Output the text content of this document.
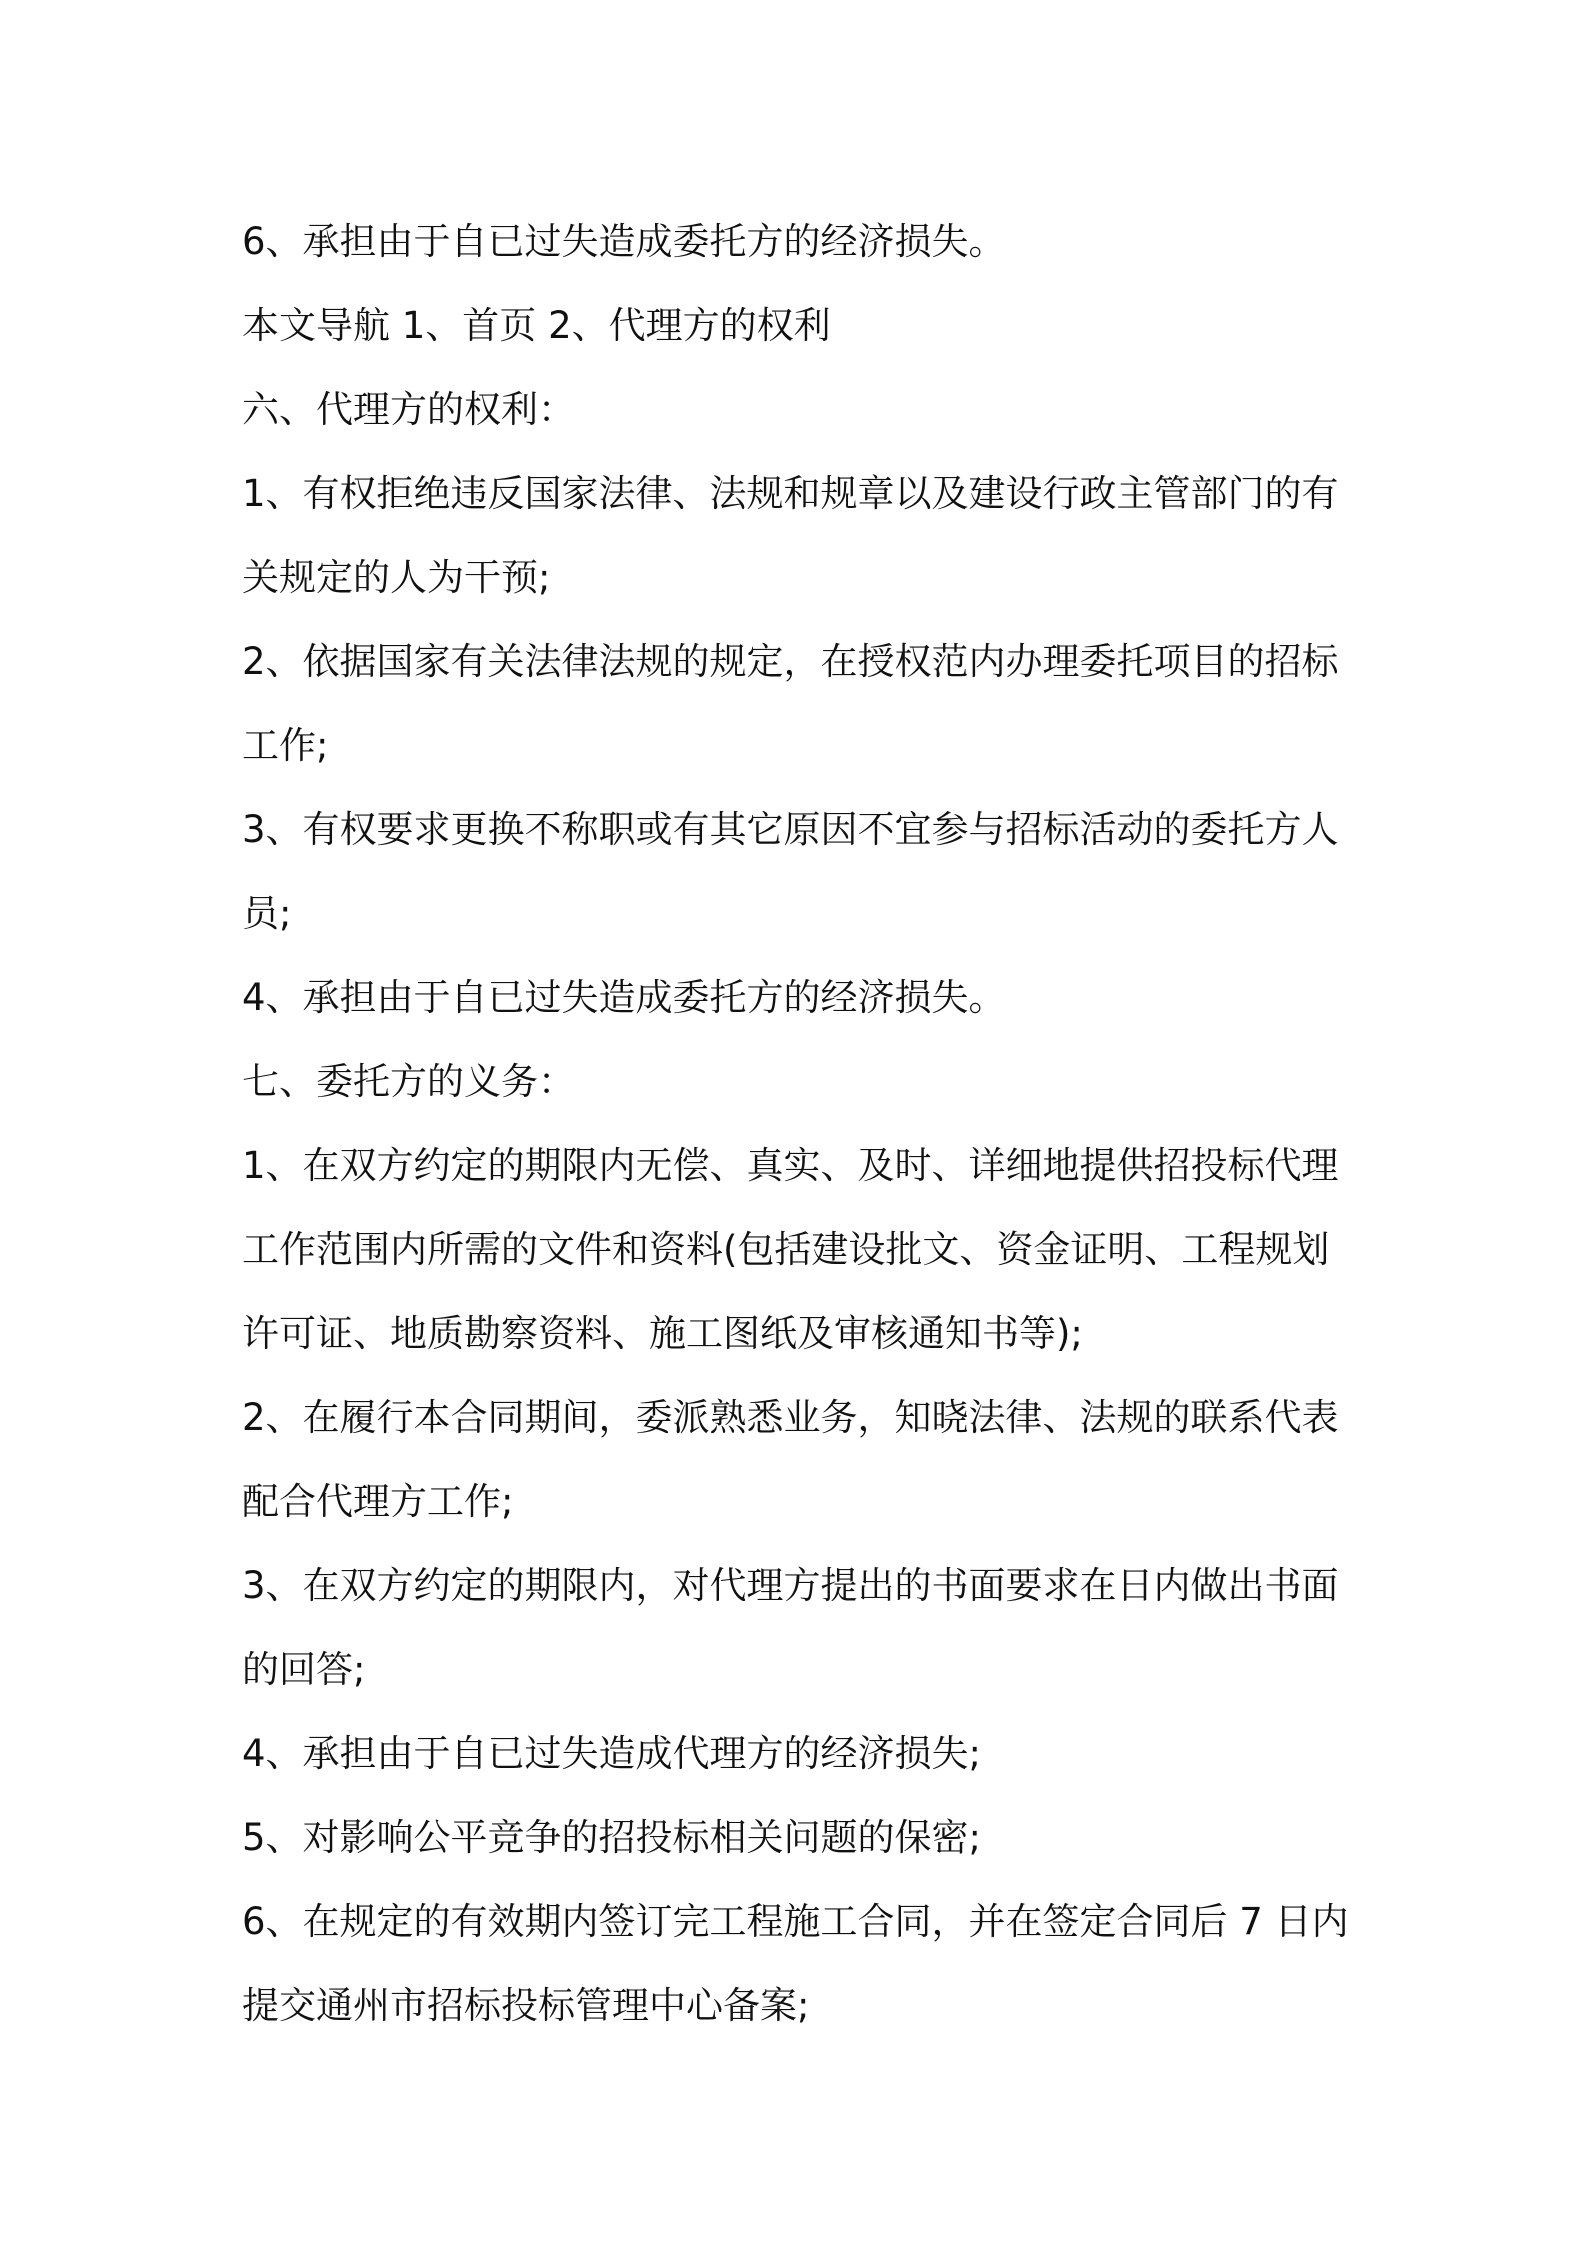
6、承担由于自已过失造成委托方的经济损失。

本文导航 1、首页 2、代理方的权利

六、代理方的权利：

1、有权拒绝违反国家法律、法规和规章以及建设行政主管部门的有

关规定的人为干预;

2、依据国家有关法律法规的规定，在授权范内办理委托项目的招标

工作;

3、有权要求更换不称职或有其它原因不宜参与招标活动的委托方人

员;

4、承担由于自已过失造成委托方的经济损失。

七、委托方的义务：

1、在双方约定的期限内无偿、真实、及时、详细地提供招投标代理

工作范围内所需的文件和资料(包括建设批文、资金证明、工程规划

许可证、地质勘察资料、施工图纸及审核通知书等);

2、在履行本合同期间，委派熟悉业务，知晓法律、法规的联系代表

配合代理方工作;

3、在双方约定的期限内，对代理方提出的书面要求在日内做出书面

的回答;

4、承担由于自已过失造成代理方的经济损失;

5、对影响公平竞争的招投标相关问题的保密;

6、在规定的有效期内签订完工程施工合同，并在签定合同后 7 日内

提交通州市招标投标管理中心备案;
